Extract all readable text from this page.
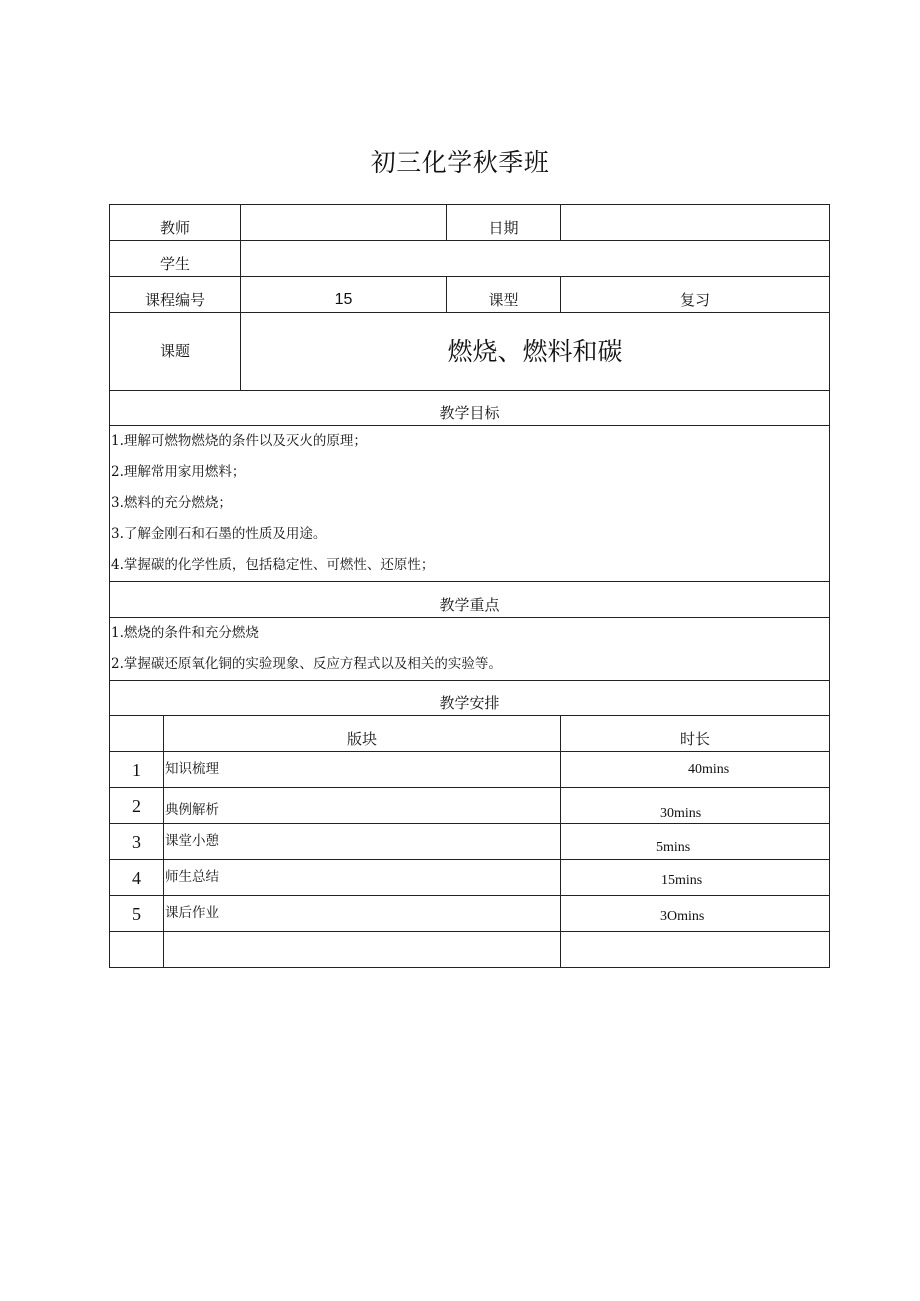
初三化学秋季班
教师			日期	
学生				
课程编号		15	课型	复习
课题		燃烧、燃料和碳		
教学目标				

1.理解可燃物燃烧的条件以及灭火的原理；
2.理解常用家用燃料；
3.燃料的充分燃烧；
3.了解金刚石和石墨的性质及用途。
4.掌握碳的化学性质，包括稳定性、可燃性、还原性；				

教学重点				

1.燃烧的条件和充分燃烧
2.掌握碳还原氧化铜的实验现象、反应方程式以及相关的实验等。				

教学安排				
	版块			时长
1	知识梳理			40mins
2	典例解析			30mins
3	课堂小憩			5mins
4	师生总结			15mins
5	课后作业			3Omins
